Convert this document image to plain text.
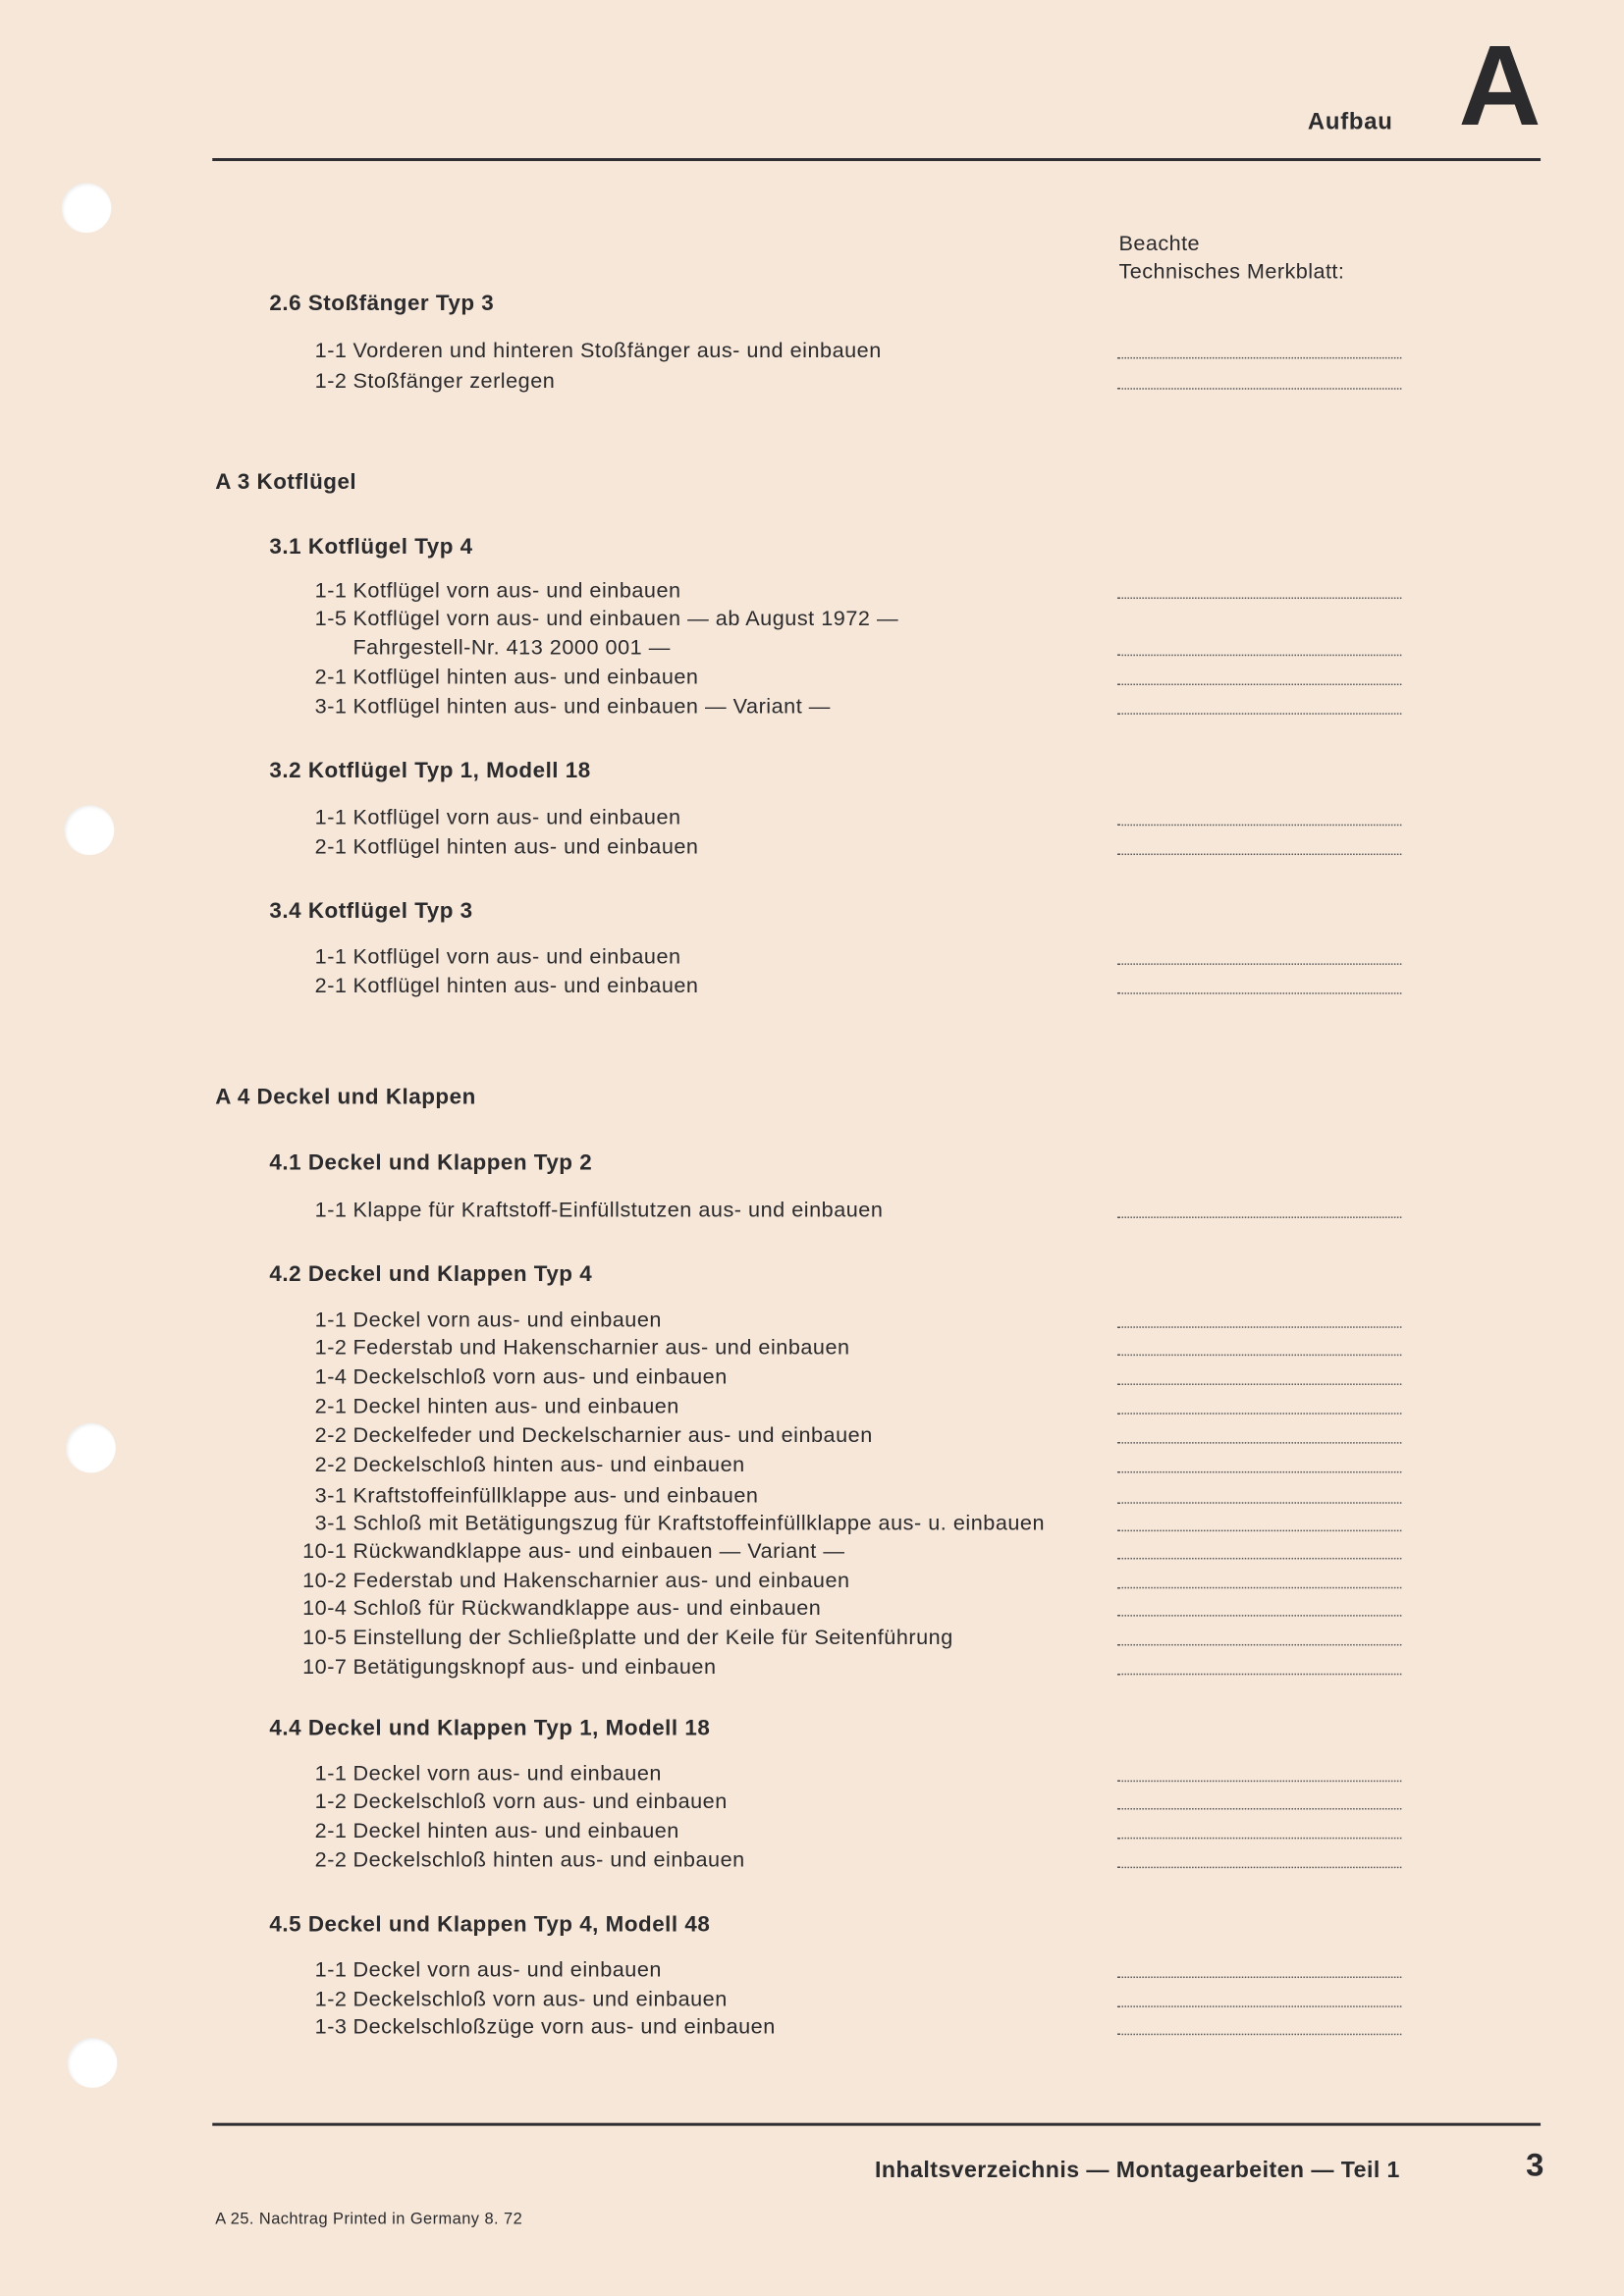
Aufbau A
Beachte
Technisches Merkblatt:
2.6 Stoßfänger Typ 3
1-1 Vorderen und hinteren Stoßfänger aus- und einbauen
1-2 Stoßfänger zerlegen
A 3 Kotflügel
3.1 Kotflügel Typ 4
1-1 Kotflügel vorn aus- und einbauen
1-5 Kotflügel vorn aus- und einbauen — ab August 1972 —
Fahrgestell-Nr. 413 2000 001 —
2-1 Kotflügel hinten aus- und einbauen
3-1 Kotflügel hinten aus- und einbauen — Variant —
3.2 Kotflügel Typ 1, Modell 18
1-1 Kotflügel vorn aus- und einbauen
2-1 Kotflügel hinten aus- und einbauen
3.4 Kotflügel Typ 3
1-1 Kotflügel vorn aus- und einbauen
2-1 Kotflügel hinten aus- und einbauen
A 4 Deckel und Klappen
4.1 Deckel und Klappen Typ 2
1-1 Klappe für Kraftstoff-Einfüllstutzen aus- und einbauen
4.2 Deckel und Klappen Typ 4
1-1 Deckel vorn aus- und einbauen
1-2 Federstab und Hakenscharnier aus- und einbauen
1-4 Deckelschloß vorn aus- und einbauen
2-1 Deckel hinten aus- und einbauen
2-2 Deckelfeder und Deckelscharnier aus- und einbauen
2-2 Deckelschloß hinten aus- und einbauen
3-1 Kraftstoffeinfüllklappe aus- und einbauen
3-1 Schloß mit Betätigungszug für Kraftstoffeinfüllklappe aus- u. einbauen
10-1 Rückwandklappe aus- und einbauen — Variant —
10-2 Federstab und Hakenscharnier aus- und einbauen
10-4 Schloß für Rückwandklappe aus- und einbauen
10-5 Einstellung der Schließplatte und der Keile für Seitenführung
10-7 Betätigungsknopf aus- und einbauen
4.4 Deckel und Klappen Typ 1, Modell 18
1-1 Deckel vorn aus- und einbauen
1-2 Deckelschloß vorn aus- und einbauen
2-1 Deckel hinten aus- und einbauen
2-2 Deckelschloß hinten aus- und einbauen
4.5 Deckel und Klappen Typ 4, Modell 48
1-1 Deckel vorn aus- und einbauen
1-2 Deckelschloß vorn aus- und einbauen
1-3 Deckelschloßzüge vorn aus- und einbauen
Inhaltsverzeichnis — Montagearbeiten — Teil 1	3
A 25. Nachtrag Printed in Germany 8. 72
